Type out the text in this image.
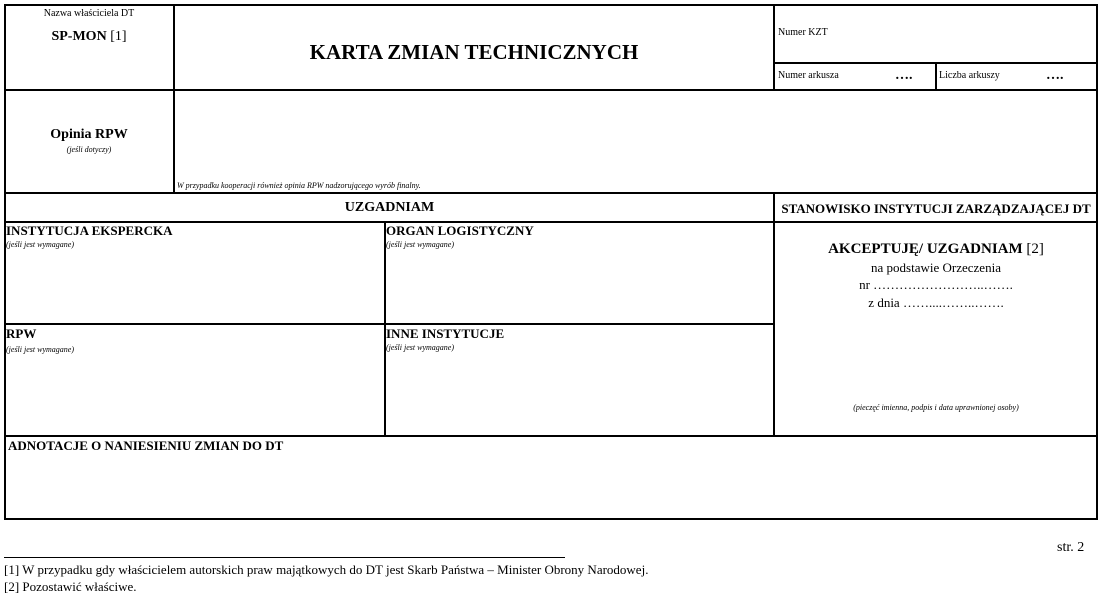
Nazwa właściciela DT
SP-MON [1]
KARTA ZMIAN TECHNICZNYCH
Numer KZT
Numer arkusza	….	Liczba arkuszy	….
Opinia RPW
(jeśli dotyczy)
W przypadku kooperacji również opinia RPW nadzorującego wyrób finalny.
UZGADNIAM	STANOWISKO INSTYTUCJI ZARZĄDZAJĄCEJ DT
INSTYTUCJA EKSPERCKA
(jeśli jest wymagane)
ORGAN LOGISTYCZNY
(jeśli jest wymagane)
RPW
(jeśli jest wymagane)
INNE INSTYTUCJE
(jeśli jest wymagane)
AKCEPTUJĘ/ UZGADNIAM [2]
na podstawie Orzeczenia
nr ……………………..…….
z dnia ……....……..…….
(pieczęć imienna, podpis i data uprawnionej osoby)
ADNOTACJE O NANIESIENIU ZMIAN DO DT
str. 2
[1] W przypadku gdy właścicielem autorskich praw majątkowych do DT jest Skarb Państwa – Minister Obrony Narodowej.
[2] Pozostawić właściwe.
